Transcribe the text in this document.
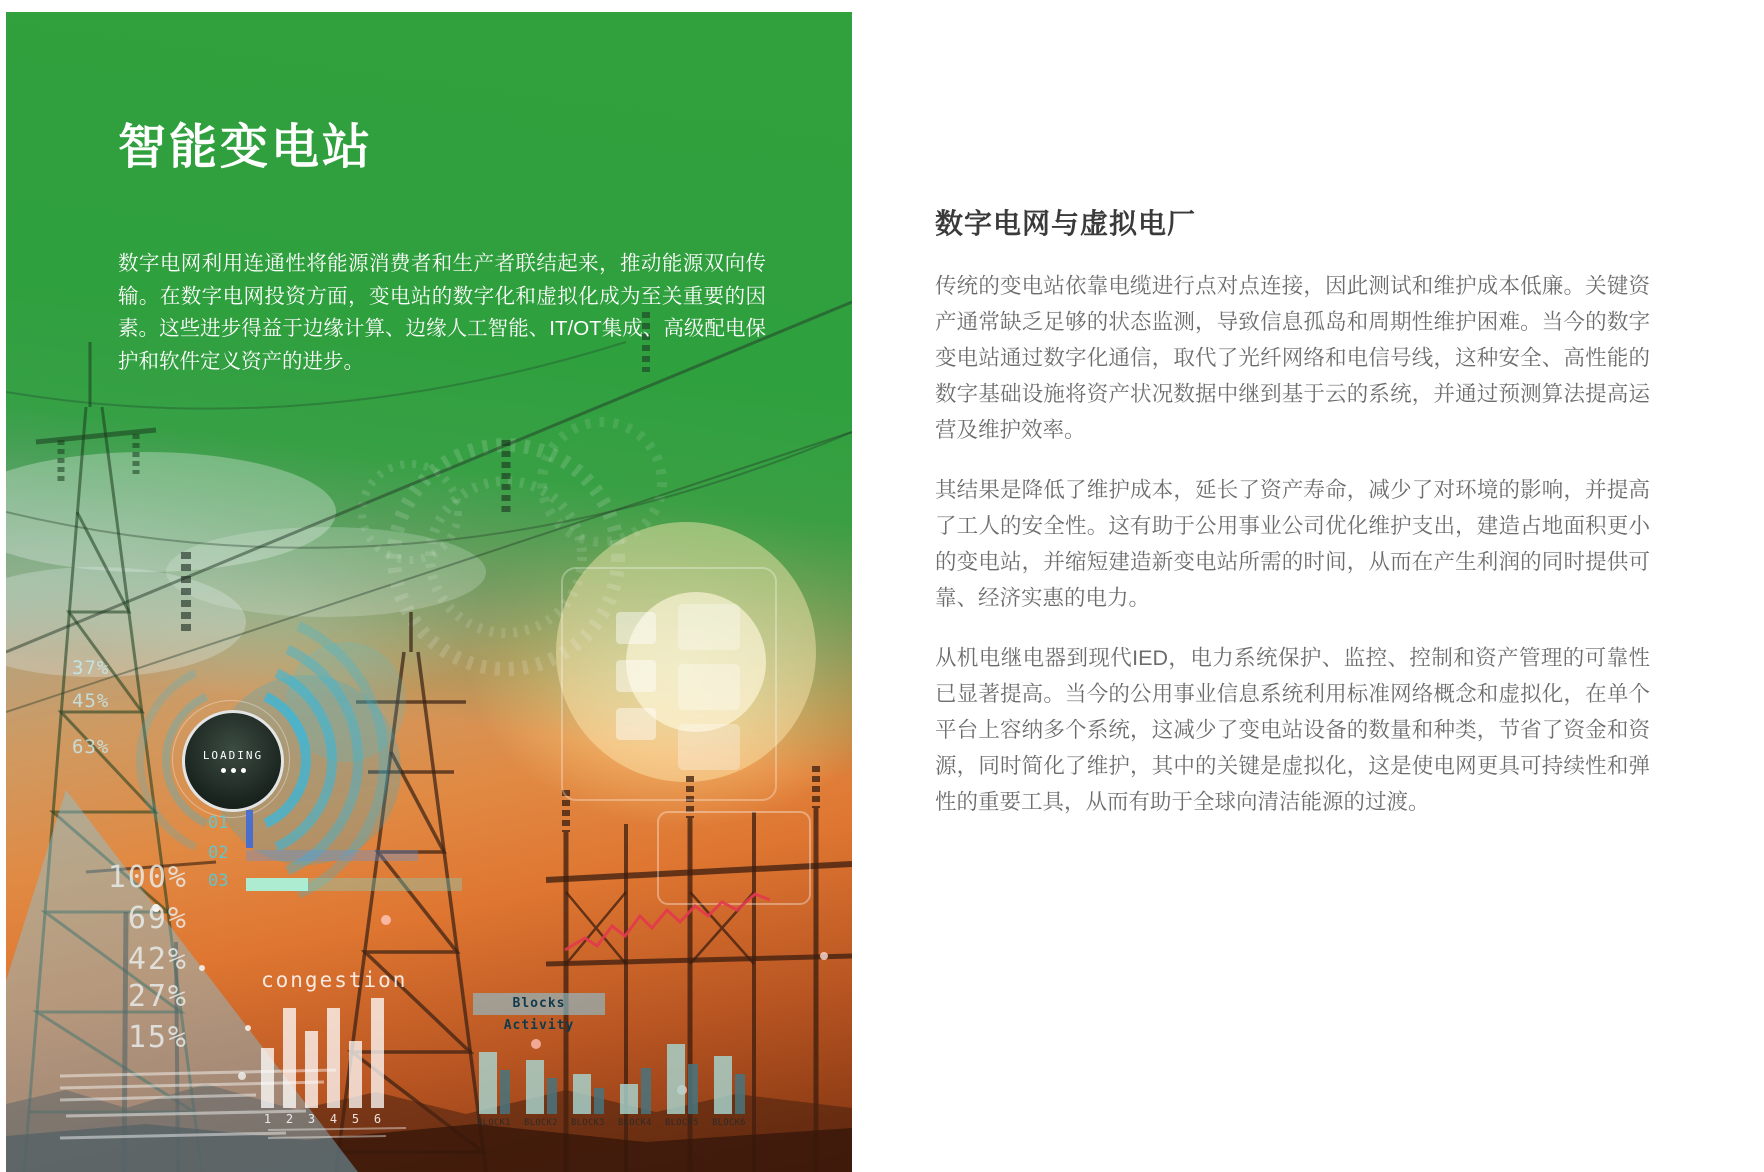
智能变电站

数字电网利用连通性将能源消费者和生产者联结起来，推动能源双向传输。在数字电网投资方面，变电站的数字化和虚拟化成为至关重要的因素。这些进步得益于边缘计算、边缘人工智能、IT/OT集成、高级配电保护和软件定义资产的进步。

LOADING
congestion
1 2 3 4 5 6
Blocks Activity
BLOCK1 BLOCK2 BLOCK3 BLOCK4 BLOCK5 BLOCK6
37%
45%
63%
100%
69%
42%
27%
15%
01
02
03
数字电网与虚拟电厂

传统的变电站依靠电缆进行点对点连接，因此测试和维护成本低廉。关键资产通常缺乏足够的状态监测，导致信息孤岛和周期性维护困难。当今的数字变电站通过数字化通信，取代了光纤网络和电信号线，这种安全、高性能的数字基础设施将资产状况数据中继到基于云的系统，并通过预测算法提高运营及维护效率。

其结果是降低了维护成本，延长了资产寿命，减少了对环境的影响，并提高了工人的安全性。这有助于公用事业公司优化维护支出，建造占地面积更小的变电站，并缩短建造新变电站所需的时间，从而在产生利润的同时提供可靠、经济实惠的电力。

从机电继电器到现代IED，电力系统保护、监控、控制和资产管理的可靠性已显著提高。当今的公用事业信息系统利用标准网络概念和虚拟化，在单个平台上容纳多个系统，这减少了变电站设备的数量和种类，节省了资金和资源，同时简化了维护，其中的关键是虚拟化，这是使电网更具可持续性和弹性的重要工具，从而有助于全球向清洁能源的过渡。
